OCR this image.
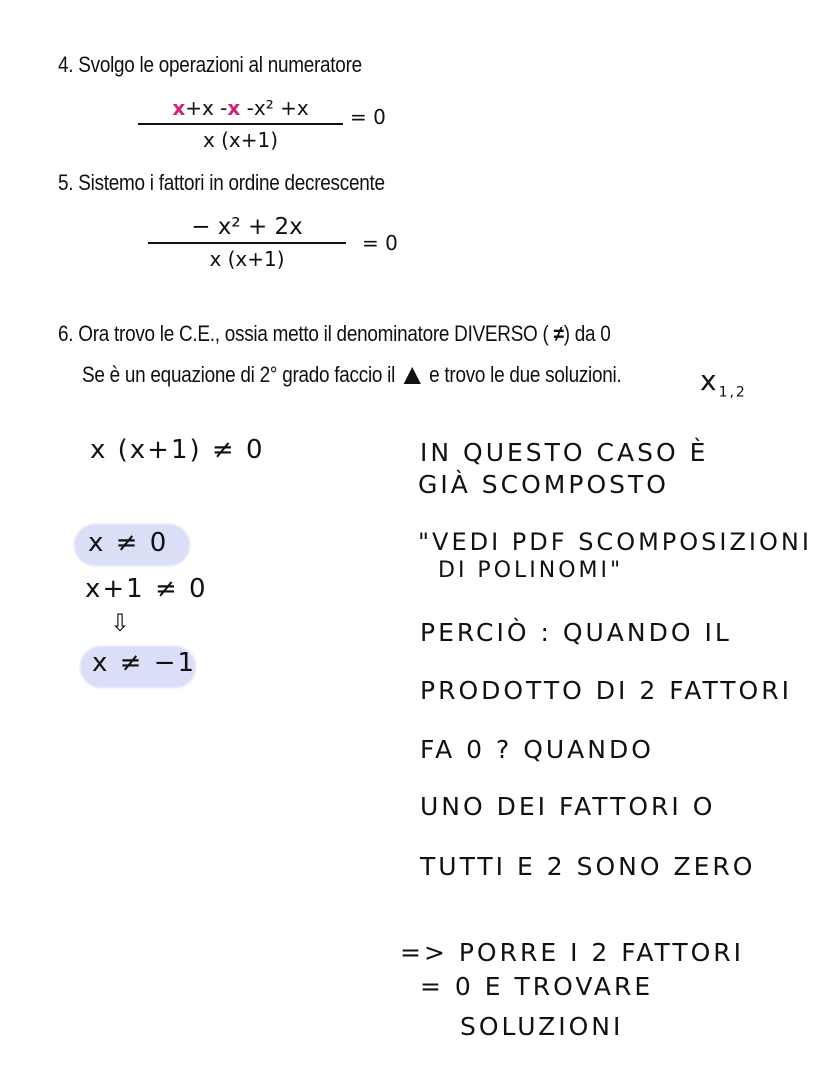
4. Svolgo le operazioni al numeratore
x+x -x -x² +x
x (x+1)
= 0
5. Sistemo i fattori in ordine decrescente
− x² + 2x
x (x+1)
= 0
6. Ora trovo le C.E., ossia metto il denominatore DIVERSO ( ≠) da 0
Se è un equazione di 2° grado faccio il e trovo le due soluzioni.	$x_{1,2}$
x (x+1) ≠ 0
x ≠ 0
x+1 ≠ 0
⇩
x ≠ −1
IN QUESTO CASO È
GIÀ SCOMPOSTO
"VEDI PDF SCOMPOSIZIONI
DI POLINOMI"
PERCIÒ : QUANDO IL
PRODOTTO DI 2 FATTORI
FA 0 ? QUANDO
UNO DEI FATTORI O
TUTTI E 2 SONO ZERO
=> PORRE I 2 FATTORI
= 0 E TROVARE
SOLUZIONI
